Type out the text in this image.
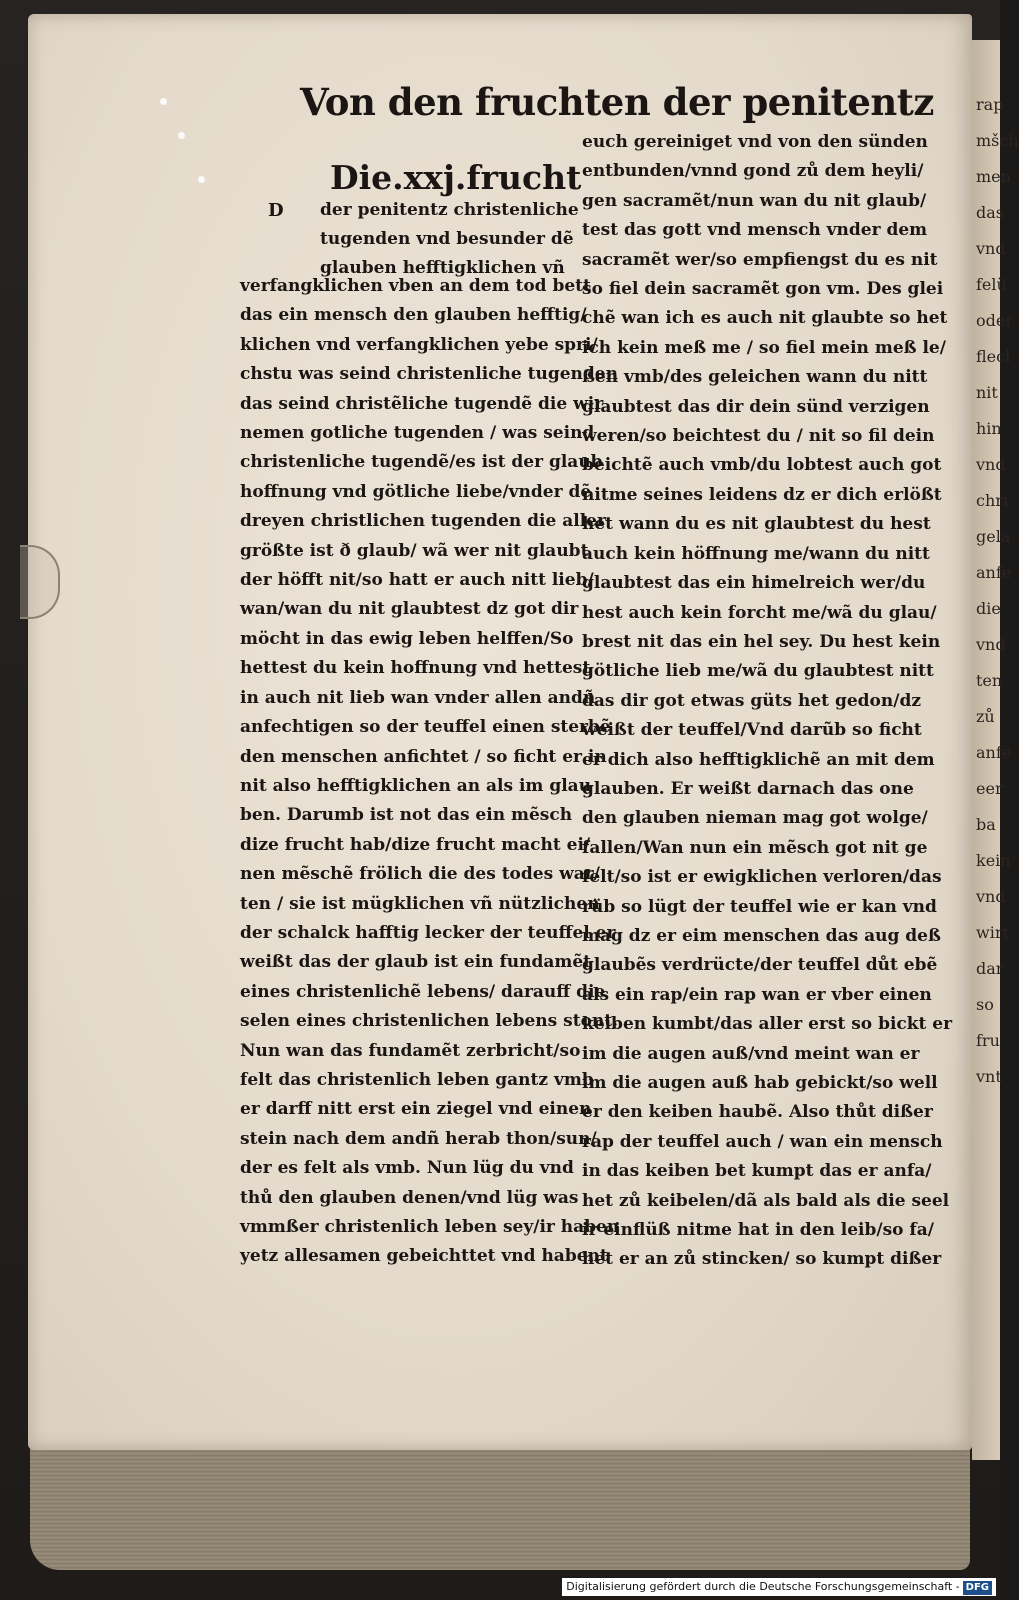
rap
mšch
men
das
vnd
felü
oder
flecl
nit
hin
vnd
chri
gela
anfe
die
vnd
ten
zů
anfe
eer
ba
kein
vnd
wirt
dar
so
fru
vnt
Von den fruchten der penitentz
Die.xxj.frucht
D der penitentz christenliche
tugenden vnd besunder dẽ
glauben hefftigklichen vñ
verfangklichen vben an dem tod bett
das ein mensch den glauben hefftig/
klichen vnd verfangklichen yebe spri/
chstu was seind christenliche tugenden
das seind christẽliche tugendẽ die wir
nemen gotliche tugenden / was seind
christenliche tugendẽ/es ist der glaub
hoffnung vnd götliche liebe/vnder dẽ
dreyen christlichen tugenden die aller
größte ist ð glaub/ wã wer nit glaubt
der höfft nit/so hatt er auch nitt lieb/
wan/wan du nit glaubtest dz got dir
möcht in das ewig leben helffen/So
hettest du kein hoffnung vnd hettest
in auch nit lieb wan vnder allen andñ
anfechtigen so der teuffel einen sterbẽ
den menschen anfichtet / so ficht er in
nit also hefftigklichen an als im glau
ben. Darumb ist not das ein mẽsch
dize frucht hab/dize frucht macht ei/
nen mẽschẽ frölich die des todes war/
ten / sie ist mügklichen vñ nützlichen
der schalck hafftig lecker der teuffel er
weißt das der glaub ist ein fundamẽt
eines christenlichẽ lebens/ darauff die
selen eines christenlichen lebens stont.
Nun wan das fundamẽt zerbricht/so
felt das christenlich leben gantz vmb
er darff nitt erst ein ziegel vnd einen
stein nach dem andñ herab thon/sun/
der es felt als vmb. Nun lüg du vnd
thů den glauben denen/vnd lüg was
vmmßer christenlich leben sey/ir haben
yetz allesamen gebeichttet vnd habent
euch gereiniget vnd von den sünden
entbunden/vnnd gond zů dem heyli/
gen sacramẽt/nun wan du nit glaub/
test das gott vnd mensch vnder dem
sacramẽt wer/so empfiengst du es nit
so fiel dein sacramẽt gon vm. Des glei
chẽ wan ich es auch nit glaubte so het
ich kein meß me / so fiel mein meß le/
ßen vmb/des geleichen wann du nitt
glaubtest das dir dein sünd verzigen
weren/so beichtest du / nit so fil dein
beichtẽ auch vmb/du lobtest auch got
nitme seines leidens dz er dich erlößt
het wann du es nit glaubtest du hest
auch kein höffnung me/wann du nitt
glaubtest das ein himelreich wer/du
hest auch kein forcht me/wã du glau/
brest nit das ein hel sey. Du hest kein
götliche lieb me/wã du glaubtest nitt
das dir got etwas güts het gedon/dz
weißt der teuffel/Vnd darũb so ficht
er dich also hefftigklichẽ an mit dem
glauben. Er weißt darnach das one
den glauben nieman mag got wolge/
fallen/Wan nun ein mẽsch got nit ge
felt/so ist er ewigklichen verloren/das
rüb so lügt der teuffel wie er kan vnd
mag dz er eim menschen das aug deß
glaubẽs verdrücte/der teuffel důt ebẽ
als ein rap/ein rap wan er vber einen
keiben kumbt/das aller erst so bickt er
im die augen auß/vnd meint wan er
im die augen auß hab gebickt/so well
er den keiben haubẽ. Also thůt dißer
rap der teuffel auch / wan ein mensch
in das keiben bet kumpt das er anfa/
het zů keibelen/dã als bald als die seel
ir einflüß nitme hat in den leib/so fa/
het er an zů stincken/ so kumpt dißer
Digitalisierung gefördert durch die Deutsche Forschungsgemeinschaft - DFG
